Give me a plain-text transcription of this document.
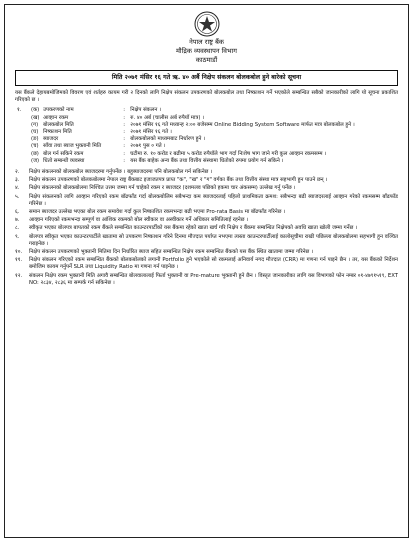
नेपाल राष्ट्र बैंक
मौद्रिक व्यवस्थापन विभाग
काठमाडौं
मिति २०७१ मंसिर १६ गते ऋ. ४० अर्बै निक्षेप संकलन बोलकबोल हुने बारेको सूचना
यस बैंकले देहायबमोजिमको विवरण एवं शर्तहरु कायम गरी २ दिनको लागि निक्षेप संकलन उपकरणको बोलकबोल तथा निष्काशन गर्ने भएकोले सम्बन्धित सबैको जानकारीको लागि यो सूचना प्रकाशित गरिएको छ ।
१.	(क)	उपकरणको नाम	:	निक्षेप संकलन ।
	(ख)	आव्हान रकम	:	रु. ४० अर्ब (चालीस अर्ब रुपैयाँ मात्र) ।
	(ग)	बोलकबोल मिति	:	२०७१ मंसिर १६ गते मध्यान्ह २:०० बजेसम्म Online Bidding System Software मार्फत मात्र बोलकबोल हुने ।
	(घ)	निष्काशन मिति	:	२०७१ मंसिर १६ गते ।
	(ङ)	ब्याजदर	:	बोलकबोलको माध्यमबाट निर्धारण हुने ।
	(च)	साँवा तथा ब्याज भुक्तानी मिति	:	२०७१ पुस ० गते ।
	(छ)	बोल गर्न सकिने रकम	:	घटीमा रु. १० करोड र बढीमा ५ करोड रुपैयाँले भाग गर्दा निःशेष भाग जाने गरी कुल आव्हान रकमसम्म ।
	(ज)	धितो सम्बन्धी व्यवस्था	:	यस बैंक बाहेक अन्य बैंक तथा वित्तीय संस्थामा धितोको रुपमा प्रयोग गर्न सकिने ।
२.	निक्षेप संकलनको बोलकबोल ब्याजदरमा गर्नुपर्नेछ । बहुब्याजदरमा पनि बोलकबोल गर्न सकिनेछ ।
३.	निक्षेप संकलन उपकरणको बोलकबोलमा नेपाल राष्ट्र बैंकबाट इजाजतपत्र प्राप्त "क", "ख" र "ग" वर्गका बैंक तथा वित्तीय संस्था मात्र सहभागी हुन पाउने छन् ।
४.	निक्षेप संकलनको बोलकबोलमा निश्चित उत्तम जम्मा गर्न चाहेको रकम र ब्याजदर (दशमलव पछिको हकमा चार अंकसम्म) उल्लेख गर्नु पर्नेछ ।
५.	निक्षेप संकलनको लागि आव्हान गरिएको रकम बाँढफाँड गर्दा बोलकबोलिम सबैभन्दा कम ब्याजदरलाई पहिलो प्राथमिकता क्रमश: सबैभन्दा बढी ब्याजदरलाई आव्हान गरेको रकमसम्म बाँढफाँड गरिनेछ ।
६.	समान ब्याजदर उल्लेख भएका बोल रकम समावेश गर्दा कुल निष्काशित रकमभन्दा बढी भएमा Pro-rata Basis मा बाँढफाँड गरिनेछ ।
७.	आव्हान गरिएको रकमभन्दा सम्पूर्ण वा आंशिक रकमको बोल स्वीकार वा अस्वीकार गर्ने अधिकार समितिलाई रहनेछ ।
८.	स्वीकृत भएका बोलपत्र बापतको रकम बैंकले सम्बन्धित काउन्टरपार्टीको यस बैंकमा रहेको खाता खर्च गरि निक्षेप र बैंकमा सम्बन्धित निक्षेपको अवधि खाता खोली जम्मा गर्नेछ ।
९.	बोलपत्र स्वीकृत भएका काउन्टरपार्टीले खातामा सो उपकरण निष्काशन गरिने दिनमा मौज्दात पर्याप्त नभएमा त्यस्ता काउन्टरपार्टीलाई कालोसूचीमा राखी पछिल्ला बोलकबोलमा सहभागी हुन वञ्चित गराइनेछ ।
१०.	निक्षेप संकलन उपकरणको भुक्तानी मितिमा दिन निर्धारित ब्याज सहित सम्बन्धित निक्षेप रकम सम्बन्धित बैंकको यस बैंक स्थित खातामा जम्मा गरिनेछ ।
११.	निक्षेप संकलन गरिएको रकम सम्बन्धित बैंकको बोलकबोलको लगानी Portfolio हुने भएकोले सो रकमलाई अनिवार्य नगद मौज्दात (CRR) मा गणना गर्न पाइने छैन । तर, यस बैंकको निर्देशन बमोजिम कायम गर्नुपर्ने SLR तथा Liquidity Ratio मा गणना गर्न पाइनेछ ।
१२.	संकलन निक्षेप रकम भुक्तानी मिति अगावै सम्बन्धित बोलवालालाई फिर्ता भुक्तानी वा Pre-mature भुक्तानी हुने छैन । विस्तृत जानकारीका लागि यस विभागको फोन नम्बर ०१-४७९१५१९, EXT NO: २८३४, २८३६ मा सम्पर्क गर्न सकिनेछ ।
